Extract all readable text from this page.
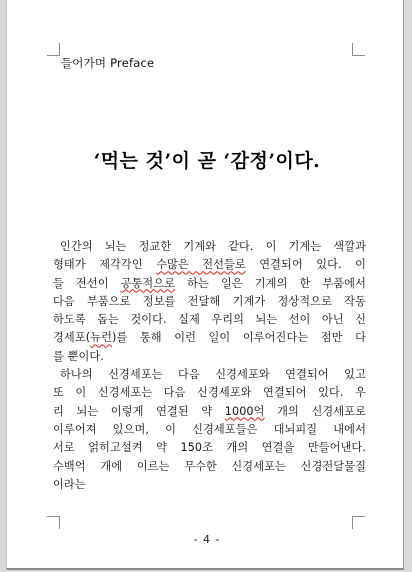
들어가며 Preface
‘먹는 것’이 곧 ‘감정’이다.
인간의 뇌는 정교한 기계와 같다. 이 기계는 색깔과
형태가 제각각인 수많은 전선들로 연결되어 있다. 이
들 전선이 공통적으로 하는 일은 기계의 한 부품에서
다음 부품으로 정보를 전달해 기계가 정상적으로 작동
하도록 돕는 것이다. 실제 우리의 뇌는 선이 아닌 신
경세포(뉴런)를 통해 이런 일이 이루어진다는 점만 다
를 뿐이다.
하나의 신경세포는 다음 신경세포와 연결되어 있고
또 이 신경세포는 다음 신경세포와 연결되어 있다. 우
리 뇌는 이렇게 연결된 약 1000억 개의 신경세포로
이루어져 있으며, 이 신경세포들은 대뇌피질 내에서
서로 얽히고설켜 약 150조 개의 연결을 만들어낸다.
수백억 개에 이르는 무수한 신경세포는 신경전달물질
이라는
- 4 -
